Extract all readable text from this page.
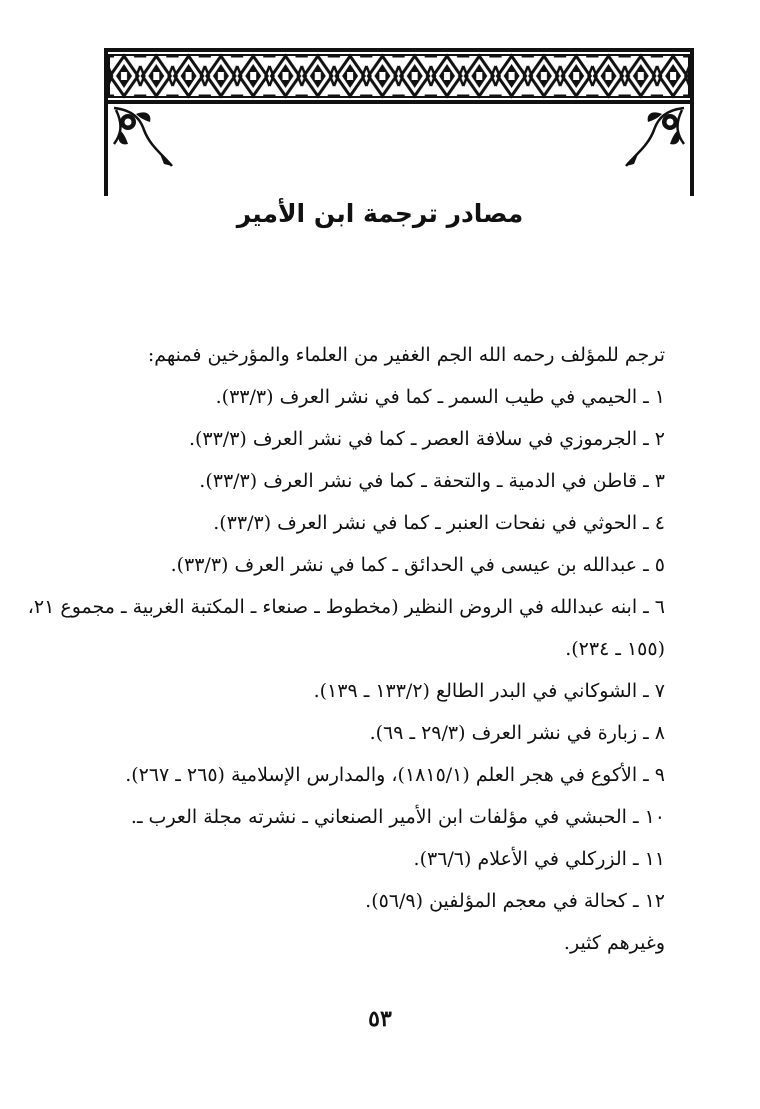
مصادر ترجمة ابن الأمير
ترجم للمؤلف رحمه الله الجم الغفير من العلماء والمؤرخين فمنهم:
١ ـ الحيمي في طيب السمر ـ كما في نشر العرف (٣٣/٣).
٢ ـ الجرموزي في سلافة العصر ـ كما في نشر العرف (٣٣/٣).
٣ ـ قاطن في الدمية ـ والتحفة ـ كما في نشر العرف (٣٣/٣).
٤ ـ الحوثي في نفحات العنبر ـ كما في نشر العرف (٣٣/٣).
٥ ـ عبدالله بن عيسى في الحدائق ـ كما في نشر العرف (٣٣/٣).
٦ ـ ابنه عبدالله في الروض النظير (مخطوط ـ صنعاء ـ المكتبة الغربية ـ مجموع ٢١، (١٥٥ ـ ٢٣٤).
٧ ـ الشوكاني في البدر الطالع (١٣٣/٢ ـ ١٣٩).
٨ ـ زبارة في نشر العرف (٢٩/٣ ـ ٦٩).
٩ ـ الأكوع في هجر العلم (١٨١٥/١)، والمدارس الإسلامية (٢٦٥ ـ ٢٦٧).
١٠ ـ الحبشي في مؤلفات ابن الأمير الصنعاني ـ نشرته مجلة العرب ـ.
١١ ـ الزركلي في الأعلام (٣٦/٦).
١٢ ـ كحالة في معجم المؤلفين (٥٦/٩).
وغيرهم كثير.
٥٣
